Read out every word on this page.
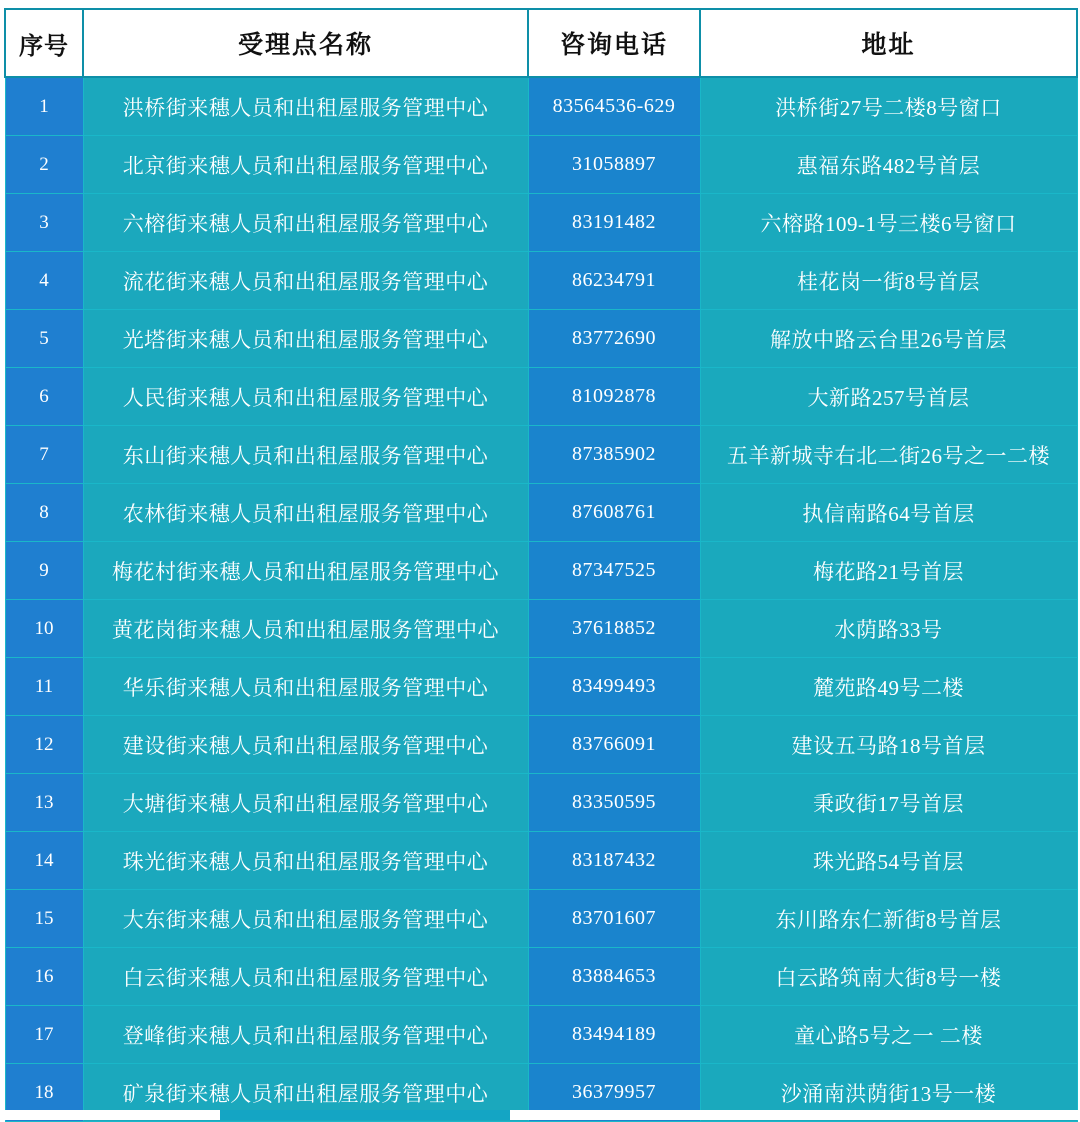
序号	受理点名称	咨询电话	地址
1	洪桥街来穗人员和出租屋服务管理中心	83564536-629	洪桥街27号二楼8号窗口
2	北京街来穗人员和出租屋服务管理中心	31058897	惠福东路482号首层
3	六榕街来穗人员和出租屋服务管理中心	83191482	六榕路109-1号三楼6号窗口
4	流花街来穗人员和出租屋服务管理中心	86234791	桂花岗一街8号首层
5	光塔街来穗人员和出租屋服务管理中心	83772690	解放中路云台里26号首层
6	人民街来穗人员和出租屋服务管理中心	81092878	大新路257号首层
7	东山街来穗人员和出租屋服务管理中心	87385902	五羊新城寺右北二街26号之一二楼
8	农林街来穗人员和出租屋服务管理中心	87608761	执信南路64号首层
9	梅花村街来穗人员和出租屋服务管理中心	87347525	梅花路21号首层
10	黄花岗街来穗人员和出租屋服务管理中心	37618852	水荫路33号
11	华乐街来穗人员和出租屋服务管理中心	83499493	麓苑路49号二楼
12	建设街来穗人员和出租屋服务管理中心	83766091	建设五马路18号首层
13	大塘街来穗人员和出租屋服务管理中心	83350595	秉政街17号首层
14	珠光街来穗人员和出租屋服务管理中心	83187432	珠光路54号首层
15	大东街来穗人员和出租屋服务管理中心	83701607	东川路东仁新街8号首层
16	白云街来穗人员和出租屋服务管理中心	83884653	白云路筑南大街8号一楼
17	登峰街来穗人员和出租屋服务管理中心	83494189	童心路5号之一 二楼
18	矿泉街来穗人员和出租屋服务管理中心	36379957	沙涌南洪荫街13号一楼
